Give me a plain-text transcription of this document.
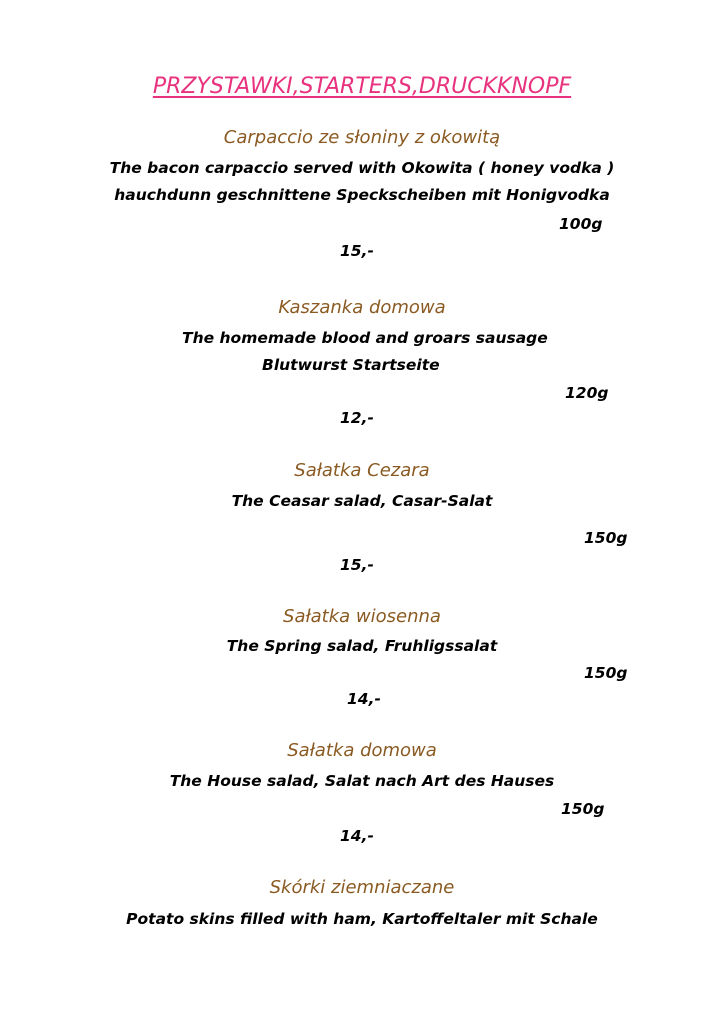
PRZYSTAWKI,STARTERS,DRUCKKNOPF
Carpaccio ze słoniny z okowitą
The bacon carpaccio served with Okowita ( honey vodka )
hauchdunn geschnittene Speckscheiben mit Honigvodka
100g
15,-
Kaszanka domowa
The homemade blood and groars sausage
Blutwurst Startseite
120g
12,-
Sałatka Cezara
The Ceasar salad, Casar-Salat
150g
15,-
Sałatka wiosenna
The Spring salad, Fruhligssalat
150g
14,-
Sałatka domowa
The House salad, Salat nach Art des Hauses
150g
14,-
Skórki ziemniaczane
Potato skins filled with ham, Kartoffeltaler mit Schale
